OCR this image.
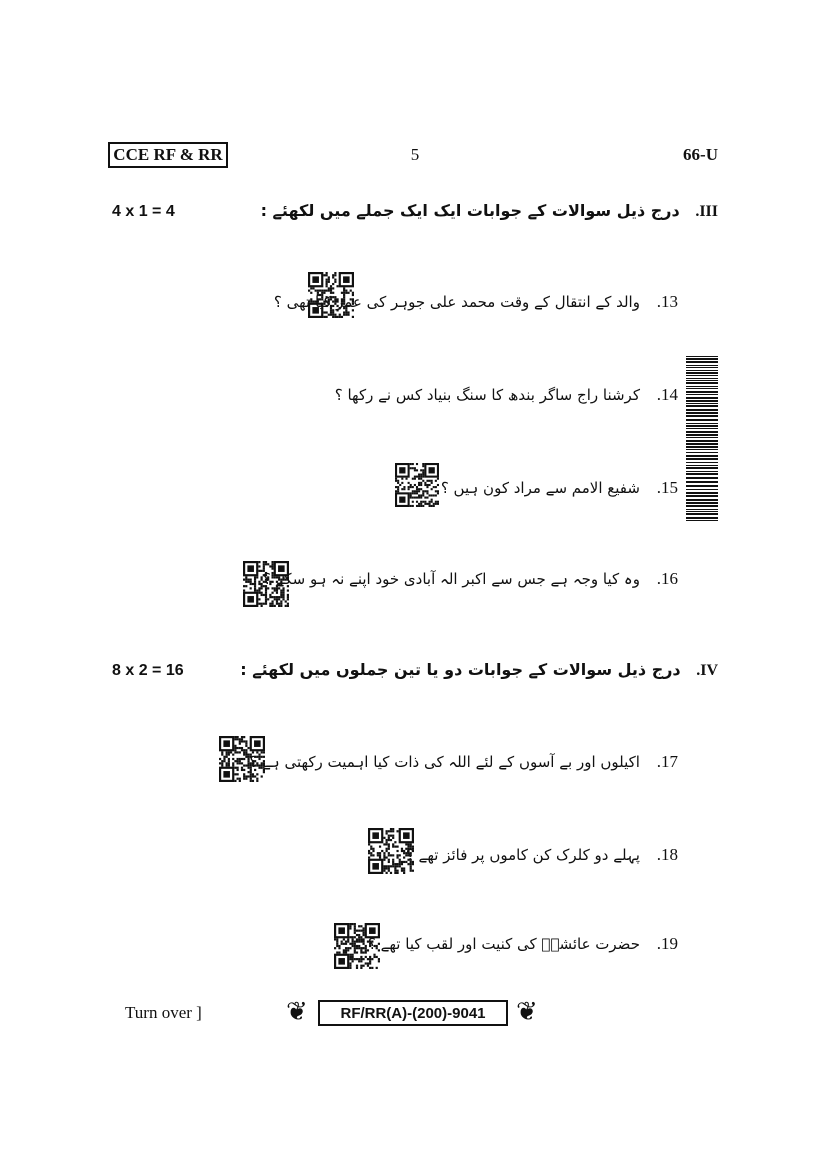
CCE RF & RR	5	66-U
4 x 1 = 4	III. درج ذیل سوالات کے جوابات ایک ایک جملے میں لکھئے :
13. والد کے انتقال کے وقت محمد علی جوہر کی عمر کیا تھی ؟
14. کرشنا راج ساگر بندھ کا سنگ بنیاد کس نے رکھا ؟
15. شفیع الامم سے مراد کون ہیں ؟
16. وہ کیا وجہ ہے جس سے اکبر الہ آبادی خود اپنے نہ ہو سکے ؟
8 x 2 = 16	IV. درج ذیل سوالات کے جوابات دو یا تین جملوں میں لکھئے :
17. اکیلوں اور بے آسوں کے لئے اللہ کی ذات کیا اہمیت رکھتی ہے ؟
18. پہلے دو کلرک کن کاموں پر فائز تھے ؟
19. حضرت عائشہؓ کی کنیت اور لقب کیا تھے ؟
Turn over ]	❦	RF/RR(A)-(200)-9041	❦
